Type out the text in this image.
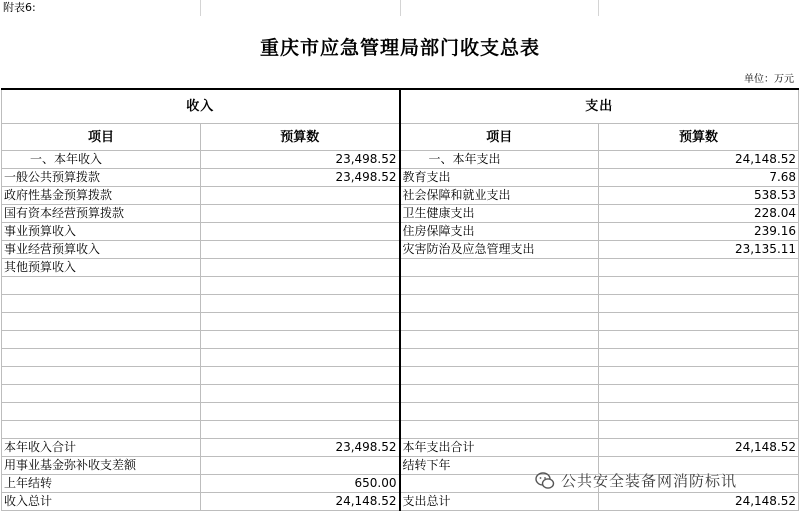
附表6:
重庆市应急管理局部门收支总表
单位：万元
收入		支出	
项目	预算数	项目	预算数
一、本年收入	23,498.52	一、本年支出	24,148.52
一般公共预算拨款	23,498.52	教育支出	7.68
政府性基金预算拨款		社会保障和就业支出	538.53
国有资本经营预算拨款		卫生健康支出	228.04
事业预算收入		住房保障支出	239.16
事业经营预算收入		灾害防治及应急管理支出	23,135.11
其他预算收入			

本年收入合计	23,498.52	本年支出合计	24,148.52
用事业基金弥补收支差额		结转下年	
上年结转	650.00		
收入总计	24,148.52	支出总计	24,148.52
公共安全装备网消防标讯
